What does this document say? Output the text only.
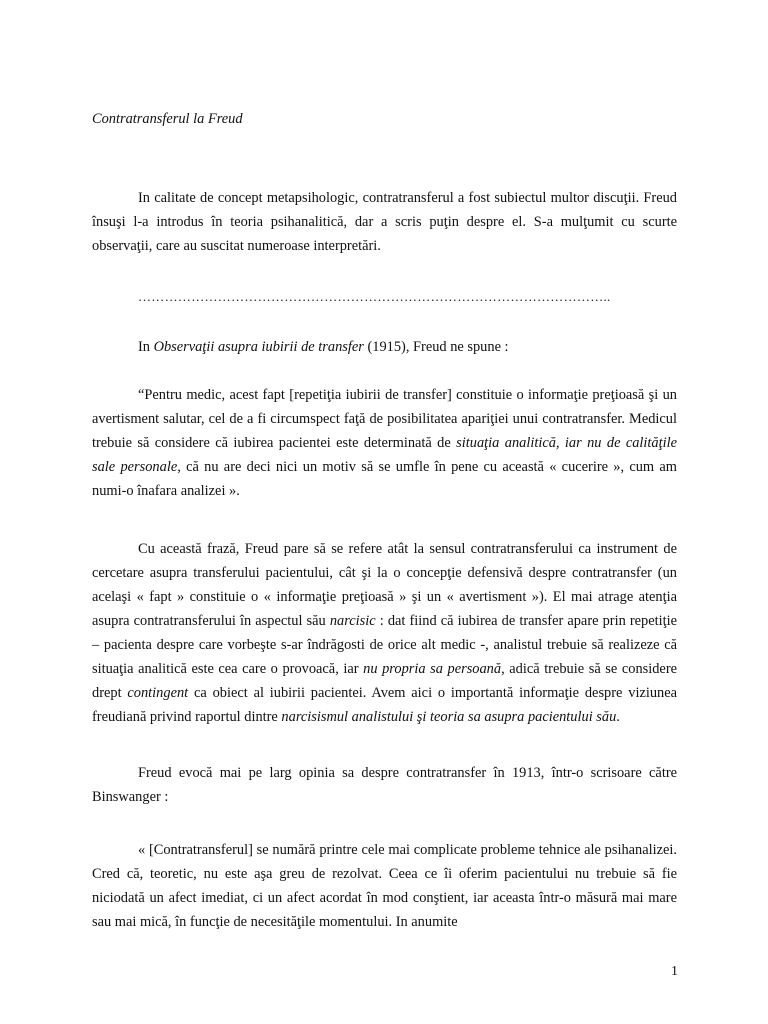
Contratransferul la Freud

In calitate de concept metapsihologic, contratransferul a fost subiectul multor discuţii. Freud însuşi l-a introdus în teoria psihanalitică, dar a scris puţin despre el. S-a mulţumit cu scurte observaţii, care au suscitat numeroase interpretări.

……………………………………………………………………………………………..

In Observaţii asupra iubirii de transfer (1915), Freud ne spune :

“Pentru medic, acest fapt [repetiţia iubirii de transfer] constituie o informaţie preţioasă şi un avertisment salutar, cel de a fi circumspect faţă de posibilitatea apariţiei unui contratransfer. Medicul trebuie să considere că iubirea pacientei este determinată de situaţia analitică, iar nu de calităţile sale personale, că nu are deci nici un motiv să se umfle în pene cu această « cucerire », cum am numi-o înafara analizei ».

Cu această frază, Freud pare să se refere atât la sensul contratransferului ca instrument de cercetare asupra transferului pacientului, cât şi la o concepţie defensivă despre contratransfer (un acelaşi « fapt » constituie o « informaţie preţioasă » şi un « avertisment »). El mai atrage atenţia asupra contratransferului în aspectul său narcisic : dat fiind că iubirea de transfer apare prin repetiţie – pacienta despre care vorbeşte s-ar îndrăgosti de orice alt medic -, analistul trebuie să realizeze că situaţia analitică este cea care o provoacă, iar nu propria sa persoană, adică trebuie să se considere drept contingent ca obiect al iubirii pacientei. Avem aici o importantă informaţie despre viziunea freudiană privind raportul dintre narcisismul analistului şi teoria sa asupra pacientului său.

Freud evocă mai pe larg opinia sa despre contratransfer în 1913, într-o scrisoare către Binswanger :

« [Contratransferul] se numără printre cele mai complicate probleme tehnice ale psihanalizei. Cred că, teoretic, nu este aşa greu de rezolvat. Ceea ce îi oferim pacientului nu trebuie să fie niciodată un afect imediat, ci un afect acordat în mod conştient, iar aceasta într-o măsură mai mare sau mai mică, în funcţie de necesităţile momentului. In anumite

1
